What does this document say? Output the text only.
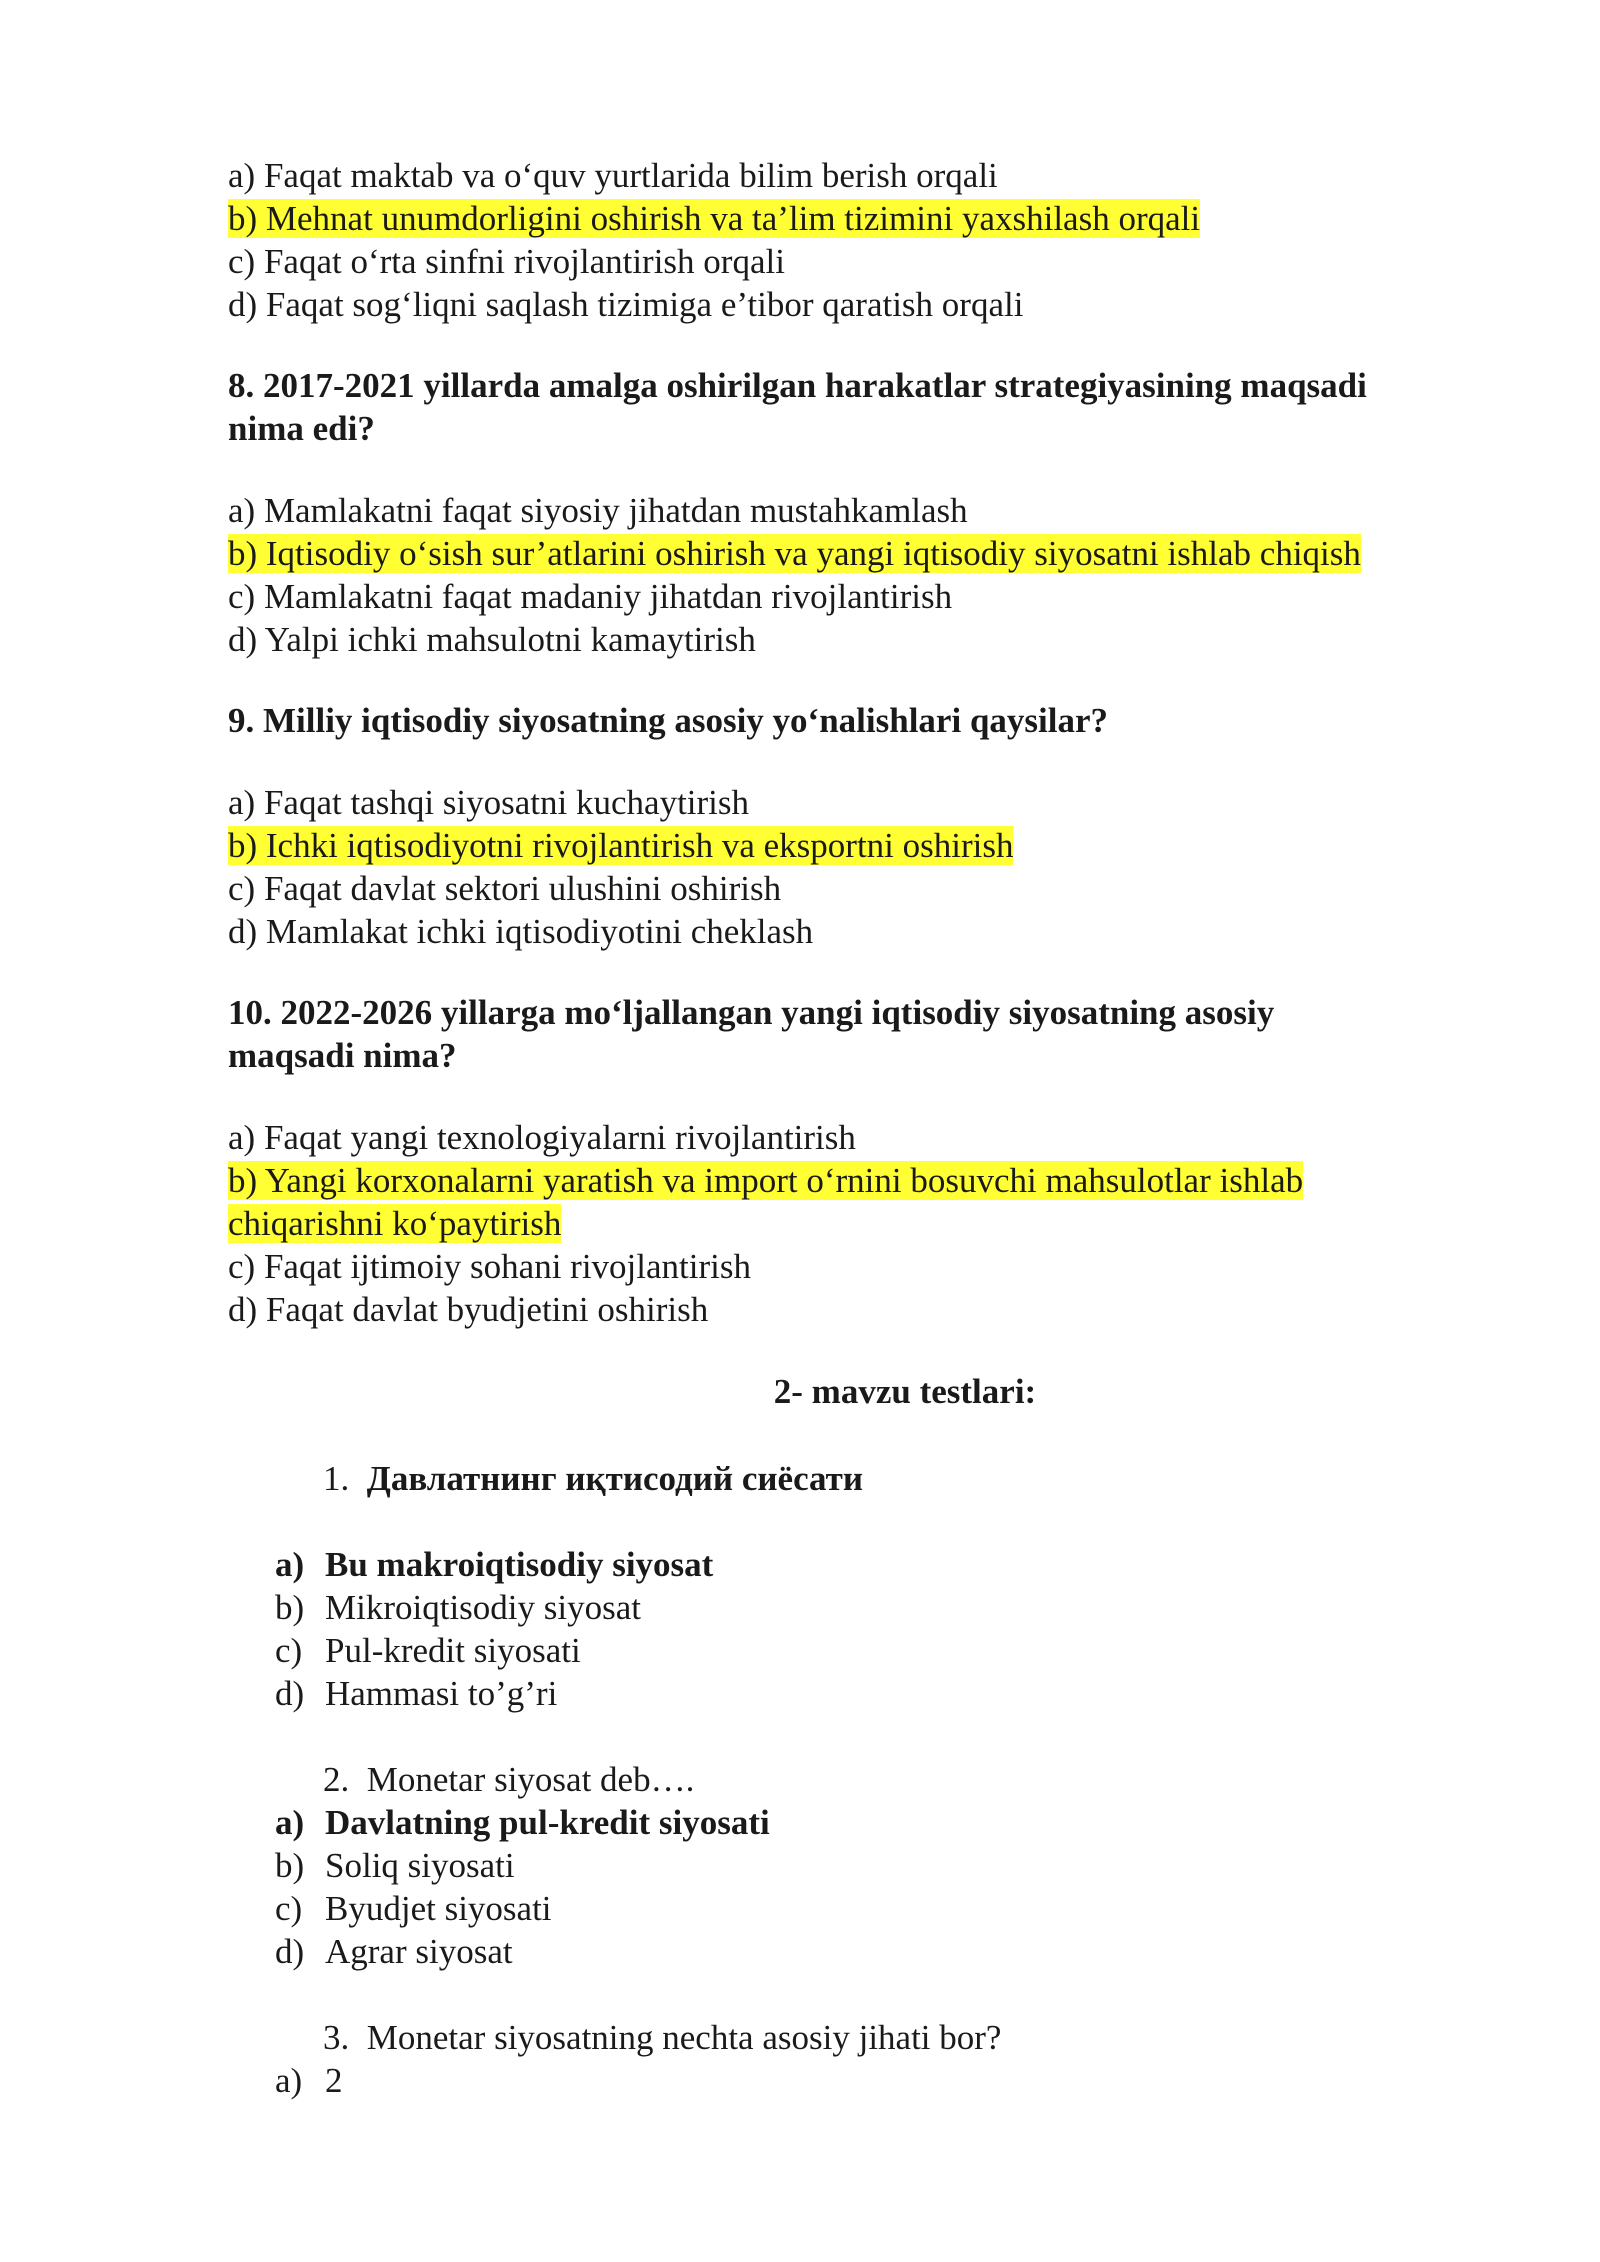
a) Faqat maktab va o‘quv yurtlarida bilim berish orqali
b) Mehnat unumdorligini oshirish va ta’lim tizimini yaxshilash orqali
c) Faqat o‘rta sinfni rivojlantirish orqali
d) Faqat sog‘liqni saqlash tizimiga e’tibor qaratish orqali
8. 2017-2021 yillarda amalga oshirilgan harakatlar strategiyasining maqsadi
nima edi?
a) Mamlakatni faqat siyosiy jihatdan mustahkamlash
b) Iqtisodiy o‘sish sur’atlarini oshirish va yangi iqtisodiy siyosatni ishlab chiqish
c) Mamlakatni faqat madaniy jihatdan rivojlantirish
d) Yalpi ichki mahsulotni kamaytirish
9. Milliy iqtisodiy siyosatning asosiy yo‘nalishlari qaysilar?
a) Faqat tashqi siyosatni kuchaytirish
b) Ichki iqtisodiyotni rivojlantirish va eksportni oshirish
c) Faqat davlat sektori ulushini oshirish
d) Mamlakat ichki iqtisodiyotini cheklash
10. 2022-2026 yillarga mo‘ljallangan yangi iqtisodiy siyosatning asosiy
maqsadi nima?
a) Faqat yangi texnologiyalarni rivojlantirish
b) Yangi korxonalarni yaratish va import o‘rnini bosuvchi mahsulotlar ishlab
chiqarishni ko‘paytirish
c) Faqat ijtimoiy sohani rivojlantirish
d) Faqat davlat byudjetini oshirish
2- mavzu testlari:
1. Давлатнинг иқтисодий сиёсати
a) Bu makroiqtisodiy siyosat
b) Mikroiqtisodiy siyosat
c) Pul-kredit siyosati
d) Hammasi to’g’ri
2. Monetar siyosat deb….
a) Davlatning pul-kredit siyosati
b) Soliq siyosati
c) Byudjet siyosati
d) Agrar siyosat
3. Monetar siyosatning nechta asosiy jihati bor?
a) 2
